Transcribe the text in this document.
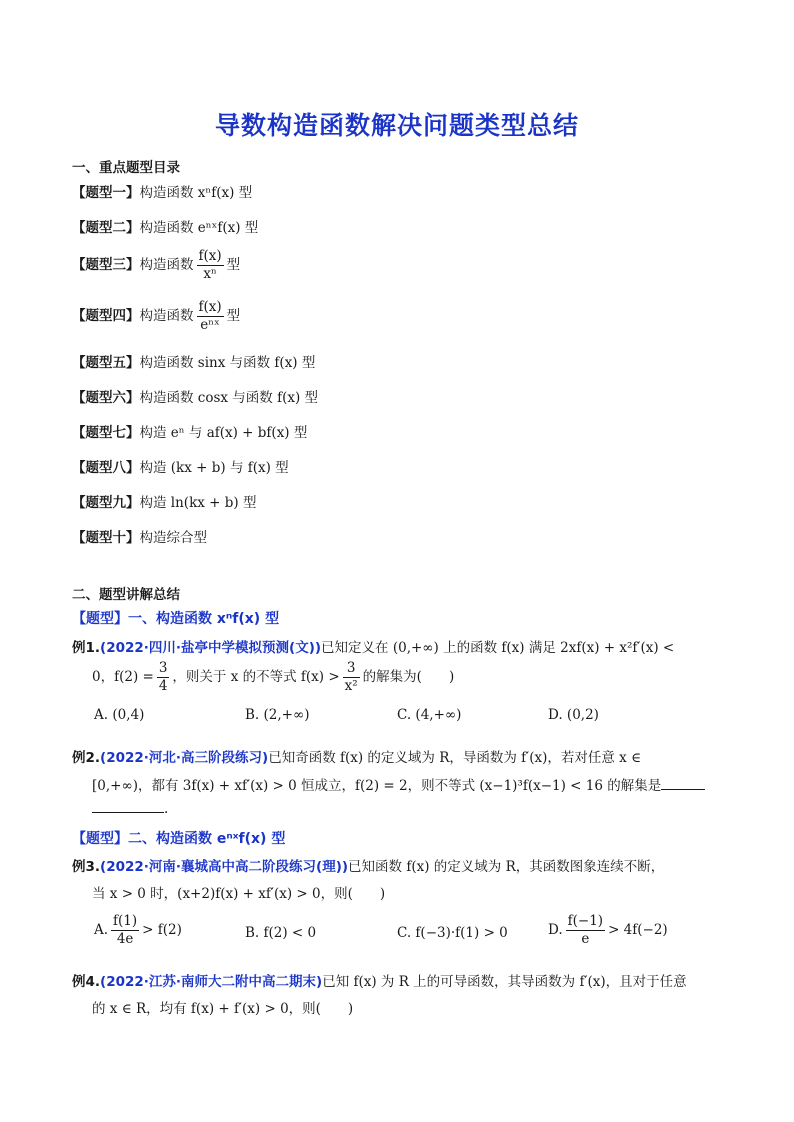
导数构造函数解决问题类型总结
一、重点题型目录
【题型一】构造函数 xⁿf(x) 型
【题型二】构造函数 eⁿˣf(x) 型
【题型三】构造函数 $\frac{f(x)}{\text{xⁿ}}$ 型
【题型四】构造函数 $\frac{f(x)}{\text{eⁿˣ}}$ 型
【题型五】构造函数 sinx 与函数 f(x) 型
【题型六】构造函数 cosx 与函数 f(x) 型
【题型七】构造 eⁿ 与 af(x) + bf(x) 型
【题型八】构造 (kx + b) 与 f(x) 型
【题型九】构造 ln(kx + b) 型
【题型十】构造综合型
二、题型讲解总结
【题型】一、构造函数 xⁿf(x) 型
例1.(2022·四川·盐亭中学模拟预测(文))已知定义在 (0,+∞) 上的函数 f(x) 满足 2xf(x) + x²f′(x) <
0，$f(2) = \frac{3}{4}$ ，则关于 x 的不等式 $f(x) > \frac{3}{\text{x²}}$ 的解集为(　　)
A. (0,4)	B. (2,+∞)	C. (4,+∞)	D. (0,2)
例2.(2022·河北·高三阶段练习)已知奇函数 f(x) 的定义域为 R，导函数为 f′(x)，若对任意 x ∈
[0,+∞)，都有 3f(x) + xf′(x) > 0 恒成立，f(2) = 2，则不等式 (x−1)³f(x−1) < 16 的解集是
.
【题型】二、构造函数 eⁿˣf(x) 型
例3.(2022·河南·襄城高中高二阶段练习(理))已知函数 f(x) 的定义域为 R，其函数图象连续不断，
当 x > 0 时，(x+2)f(x) + xf′(x) > 0，则(　　)
A. $\frac{f(1)}{4e} > f(2)$	B. f(2) < 0	C. f(−3)·f(1) > 0	D. $\frac{f(-1)}{e} > 4f(-2)$
例4.(2022·江苏·南师大二附中高二期末)已知 f(x) 为 R 上的可导函数，其导函数为 f′(x)，且对于任意
的 x ∈ R，均有 f(x) + f′(x) > 0，则(　　)
